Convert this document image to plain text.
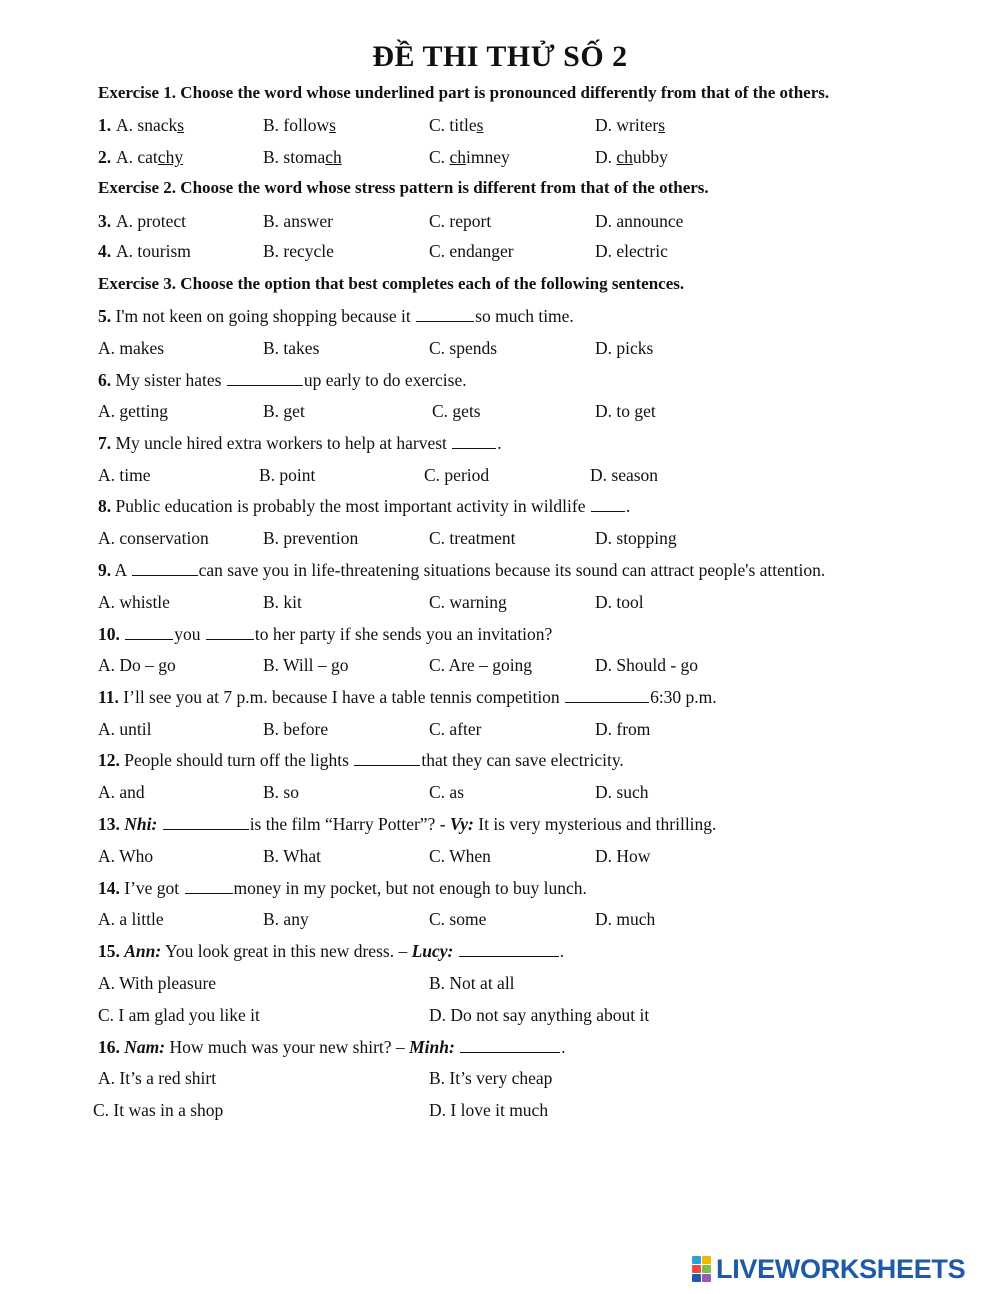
ĐỀ THI THỬ SỐ 2
Exercise 1. Choose the word whose underlined part is pronounced differently from that of the others.
1. A. snacks	B. follows	C. titles	D. writers
2. A. catchy	B. stomach	C. chimney	D. chubby
Exercise 2. Choose the word whose stress pattern is different from that of the others.
3. A. protect	B. answer	C. report	D. announce
4. A. tourism	B. recycle	C. endanger	D. electric
Exercise 3. Choose the option that best completes each of the following sentences.
5. I'm not keen on going shopping because it	so much time.
A. makes	B. takes	C. spends	D. picks
6. My sister hates	up early to do exercise.
A. getting	B. get	C. gets	D. to get
7. My uncle hired extra workers to help at harvest	.
A. time	B. point	C. period	D. season
8. Public education is probably the most important activity in wildlife .
A. conservation	B. prevention	C. treatment	D. stopping
9. A	can save you in life-threatening situations because its sound can attract people's attention.
A. whistle	B. kit	C. warning	D. tool
10.	you	to her party if she sends you an invitation?
A. Do – go	B. Will – go	C. Are – going	D. Should - go
11. I’ll see you at 7 p.m. because I have a table tennis competition	6:30 p.m.
A. until	B. before	C. after	D. from
12. People should turn off the lights	that they can save electricity.
A. and	B. so	C. as	D. such
13. Nhi:	is the film “Harry Potter”? - Vy: It is very mysterious and thrilling.
A. Who	B. What	C. When	D. How
14. I’ve got	money in my pocket, but not enough to buy lunch.
A. a little	B. any	C. some	D. much
15. Ann: You look great in this new dress. – Lucy:	.
A. With pleasure	B. Not at all
C. I am glad you like it	D. Do not say anything about it
16. Nam: How much was your new shirt? – Minh:	.
A. It’s a red shirt	B. It’s very cheap
C. It was in a shop	D. I love it much
LIVEWORKSHEETS
